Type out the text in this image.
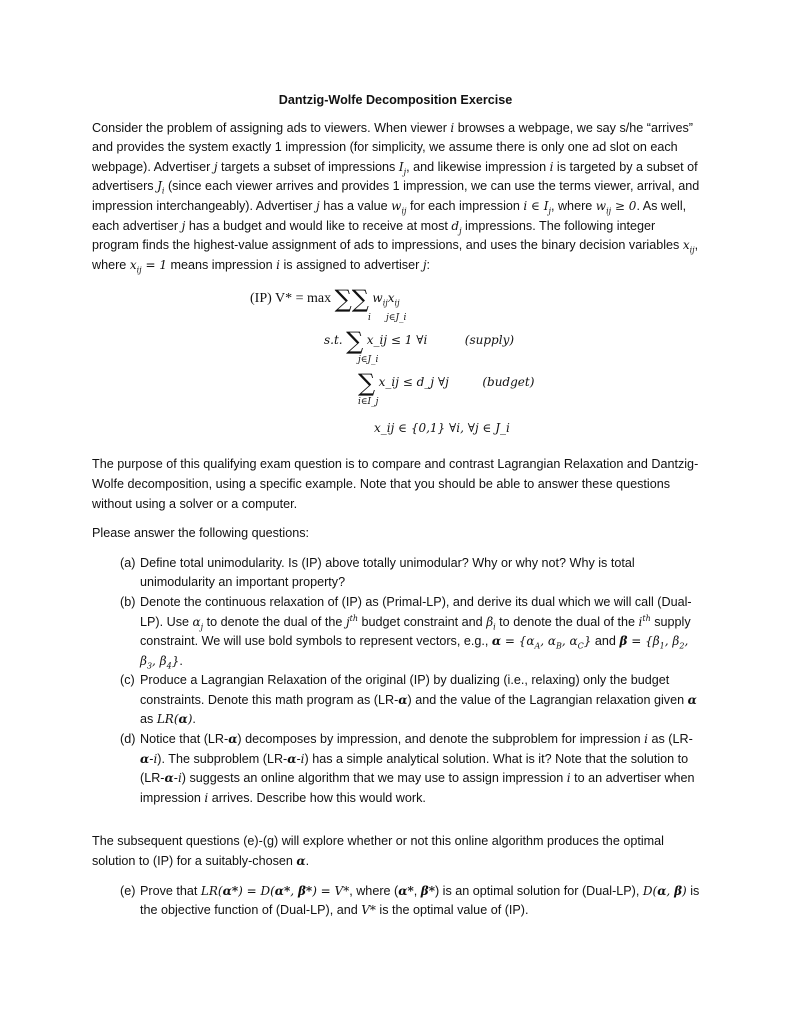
Dantzig-Wolfe Decomposition Exercise
Consider the problem of assigning ads to viewers. When viewer i browses a webpage, we say s/he “arrives” and provides the system exactly 1 impression (for simplicity, we assume there is only one ad slot on each webpage). Advertiser j targets a subset of impressions $I_j$, and likewise impression i is targeted by a subset of advertisers $J_i$ (since each viewer arrives and provides 1 impression, we can use the terms viewer, arrival, and impression interchangeably). Advertiser j has a value $w_{ij}$ for each impression i ∈ $I_j$, where $w_{ij} \ge 0$. As well, each advertiser j has a budget and would like to receive at most $d_j$ impressions. The following integer program finds the highest-value assignment of ads to impressions, and uses the binary decision variables $x_{ij}$, where $x_{ij} = 1$ means impression i is assigned to advertiser j:
(IP) V* = max ∑∑ $w_{ij}x_{ij}$
i j∈J_i
s.t. ∑ x_ij ≤ 1 ∀i	(supply)
j∈J_i
∑ x_ij ≤ d_j ∀j	(budget)
i∈I_j
x_ij ∈ {0,1} ∀i, ∀j ∈ J_i
The purpose of this qualifying exam question is to compare and contrast Lagrangian Relaxation and Dantzig-Wolfe decomposition, using a specific example. Note that you should be able to answer these questions without using a solver or a computer.
Please answer the following questions:
(a) Define total unimodularity. Is (IP) above totally unimodular? Why or why not? Why is total unimodularity an important property?
(b) Denote the continuous relaxation of (IP) as (Primal-LP), and derive its dual which we will call (Dual-LP). Use $\alpha_j$ to denote the dual of the $j^{th}$ budget constraint and $\beta_i$ to denote the dual of the $i^{th}$ supply constraint. We will use bold symbols to represent vectors, e.g., $\alpha = \{\alpha_A$, $\alpha_B$, $\alpha_C$} and $\beta = \{\beta_1$, $\beta_2$, $\beta_3$, $\beta_4$}.
(c) Produce a Lagrangian Relaxation of the original (IP) by dualizing (i.e., relaxing) only the budget constraints. Denote this math program as (LR-α) and the value of the Lagrangian relaxation given α as LR(α).
(d) Notice that (LR-α) decomposes by impression, and denote the subproblem for impression i as (LR-α-i). The subproblem (LR-α-i) has a simple analytical solution. What is it? Note that the solution to (LR-α-i) suggests an online algorithm that we may use to assign impression i to an advertiser when impression i arrives. Describe how this would work.
The subsequent questions (e)-(g) will explore whether or not this online algorithm produces the optimal solution to (IP) for a suitably-chosen α.
(e) Prove that LR(α*) = D(α*, β*) = V*, where (α*, β*) is an optimal solution for (Dual-LP), D(α, β) is the objective function of (Dual-LP), and V* is the optimal value of (IP).
